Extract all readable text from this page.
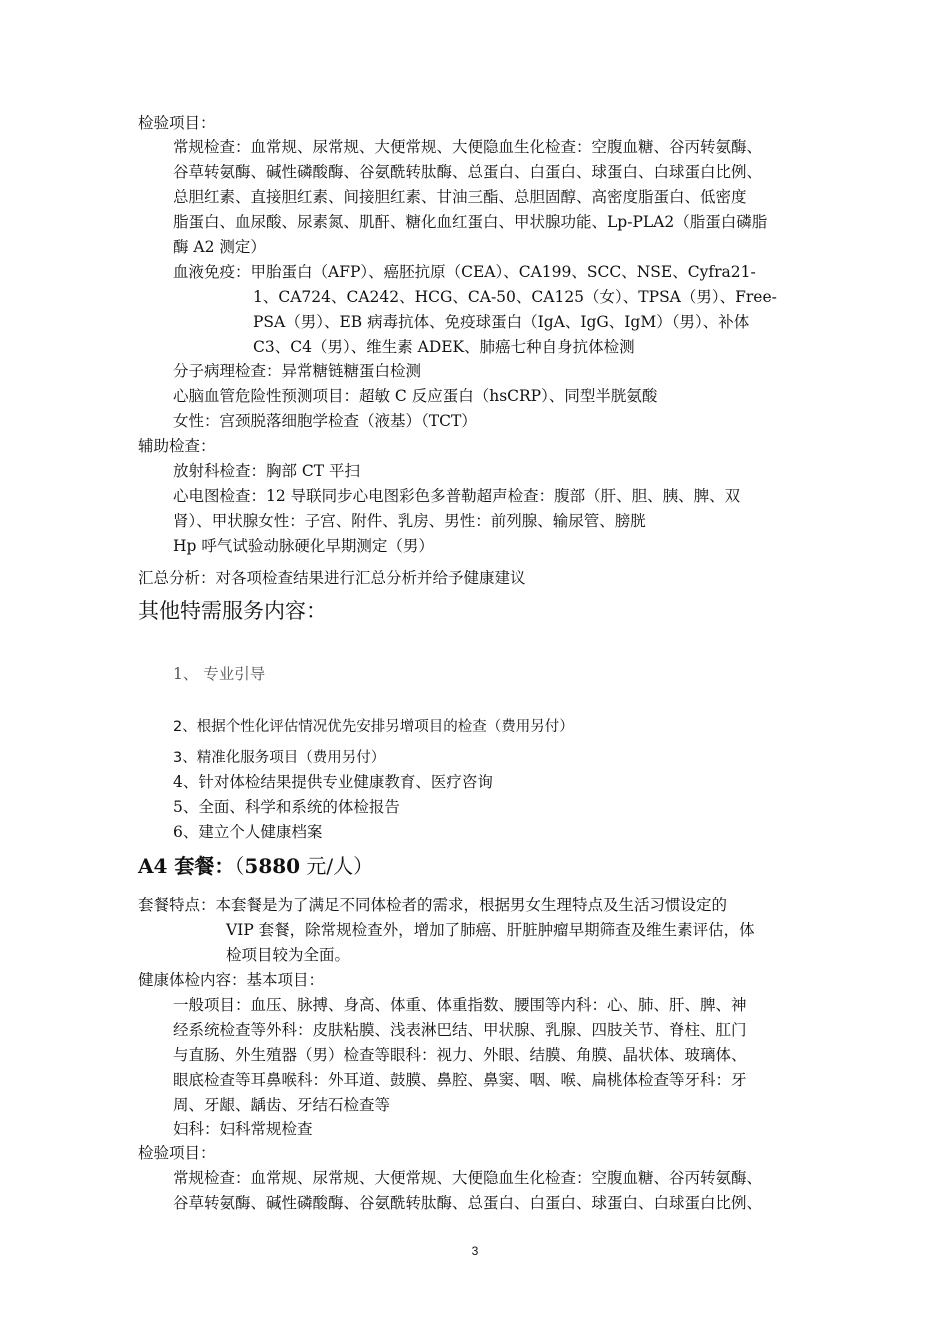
检验项目：
常规检查：血常规、尿常规、大便常规、大便隐血生化检查：空腹血糖、谷丙转氨酶、
谷草转氨酶、碱性磷酸酶、谷氨酰转肽酶、总蛋白、白蛋白、球蛋白、白球蛋白比例、
总胆红素、直接胆红素、间接胆红素、甘油三酯、总胆固醇、高密度脂蛋白、低密度
脂蛋白、血尿酸、尿素氮、肌酐、糖化血红蛋白、甲状腺功能、Lp-PLA2（脂蛋白磷脂
酶 A2 测定）
血液免疫：甲胎蛋白（AFP）、癌胚抗原（CEA）、CA199、SCC、NSE、Cyfra21-
1、CA724、CA242、HCG、CA-50、CA125（女）、TPSA（男）、Free-
PSA（男）、EB 病毒抗体、免疫球蛋白（IgA、IgG、IgM）（男）、补体
C3、C4（男）、维生素 ADEK、肺癌七种自身抗体检测
分子病理检查：异常糖链糖蛋白检测
心脑血管危险性预测项目：超敏 C 反应蛋白（hsCRP）、同型半胱氨酸
女性：宫颈脱落细胞学检查（液基）（TCT）
辅助检查：
放射科检查：胸部 CT 平扫
心电图检查：12 导联同步心电图彩色多普勒超声检查：腹部（肝、胆、胰、脾、双
肾）、甲状腺女性：子宫、附件、乳房、男性：前列腺、输尿管、膀胱
Hp 呼气试验动脉硬化早期测定（男）
汇总分析：对各项检查结果进行汇总分析并给予健康建议
其他特需服务内容：
1、 专业引导
2、根据个性化评估情况优先安排另增项目的检查（费用另付）
3、精准化服务项目（费用另付）
4、针对体检结果提供专业健康教育、医疗咨询
5、全面、科学和系统的体检报告
6、建立个人健康档案
A4 套餐：（5880 元/人）
套餐特点：本套餐是为了满足不同体检者的需求，根据男女生理特点及生活习惯设定的
VIP 套餐，除常规检查外，增加了肺癌、肝脏肿瘤早期筛查及维生素评估，体
检项目较为全面。
健康体检内容：基本项目：
一般项目：血压、脉搏、身高、体重、体重指数、腰围等内科：心、肺、肝、脾、神
经系统检查等外科：皮肤粘膜、浅表淋巴结、甲状腺、乳腺、四肢关节、脊柱、肛门
与直肠、外生殖器（男）检查等眼科：视力、外眼、结膜、角膜、晶状体、玻璃体、
眼底检查等耳鼻喉科：外耳道、鼓膜、鼻腔、鼻窦、咽、喉、扁桃体检查等牙科：牙
周、牙龈、龋齿、牙结石检查等
妇科：妇科常规检查
检验项目：
常规检查：血常规、尿常规、大便常规、大便隐血生化检查：空腹血糖、谷丙转氨酶、
谷草转氨酶、碱性磷酸酶、谷氨酰转肽酶、总蛋白、白蛋白、球蛋白、白球蛋白比例、
3
